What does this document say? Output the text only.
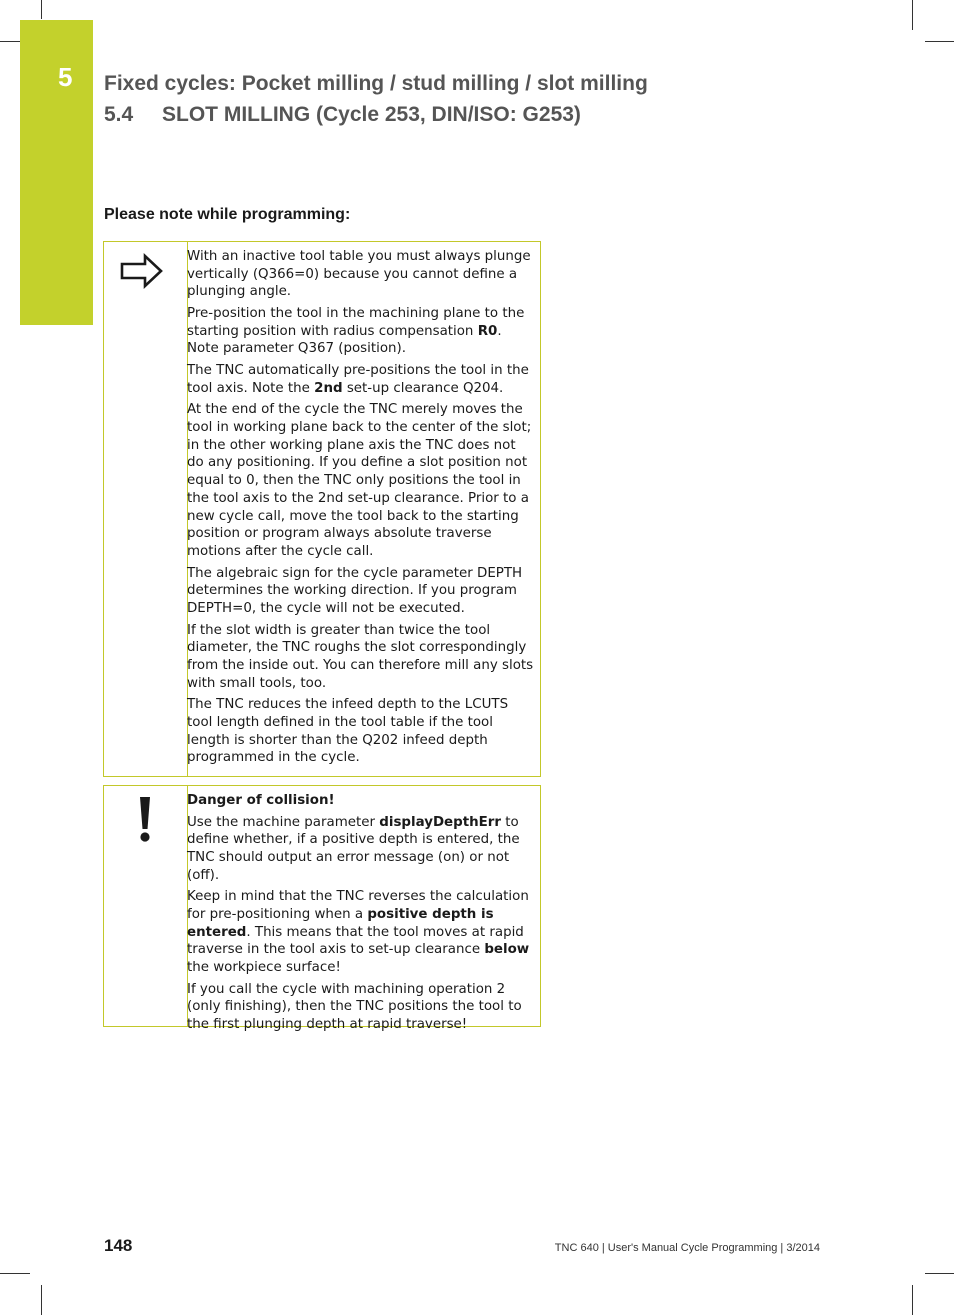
5 Fixed cycles: Pocket milling / stud milling / slot milling
5.4 SLOT MILLING (Cycle 253, DIN/ISO: G253)
Please note while programming:

With an inactive tool table you must always plunge vertically (Q366=0) because you cannot define a plunging angle.

Pre-position the tool in the machining plane to the starting position with radius compensation R0. Note parameter Q367 (position).

The TNC automatically pre-positions the tool in the tool axis. Note the 2nd set-up clearance Q204.

At the end of the cycle the TNC merely moves the tool in working plane back to the center of the slot; in the other working plane axis the TNC does not do any positioning. If you define a slot position not equal to 0, then the TNC only positions the tool in the tool axis to the 2nd set-up clearance. Prior to a new cycle call, move the tool back to the starting position or program always absolute traverse motions after the cycle call.

The algebraic sign for the cycle parameter DEPTH determines the working direction. If you program DEPTH=0, the cycle will not be executed.

If the slot width is greater than twice the tool diameter, the TNC roughs the slot correspondingly from the inside out. You can therefore mill any slots with small tools, too.

The TNC reduces the infeed depth to the LCUTS tool length defined in the tool table if the tool length is shorter than the Q202 infeed depth programmed in the cycle.

Danger of collision!

Use the machine parameter displayDepthErr to define whether, if a positive depth is entered, the TNC should output an error message (on) or not (off).

Keep in mind that the TNC reverses the calculation for pre-positioning when a positive depth is entered. This means that the tool moves at rapid traverse in the tool axis to set-up clearance below the workpiece surface!

If you call the cycle with machining operation 2 (only finishing), then the TNC positions the tool to the first plunging depth at rapid traverse!

148	TNC 640 | User's Manual Cycle Programming | 3/2014
